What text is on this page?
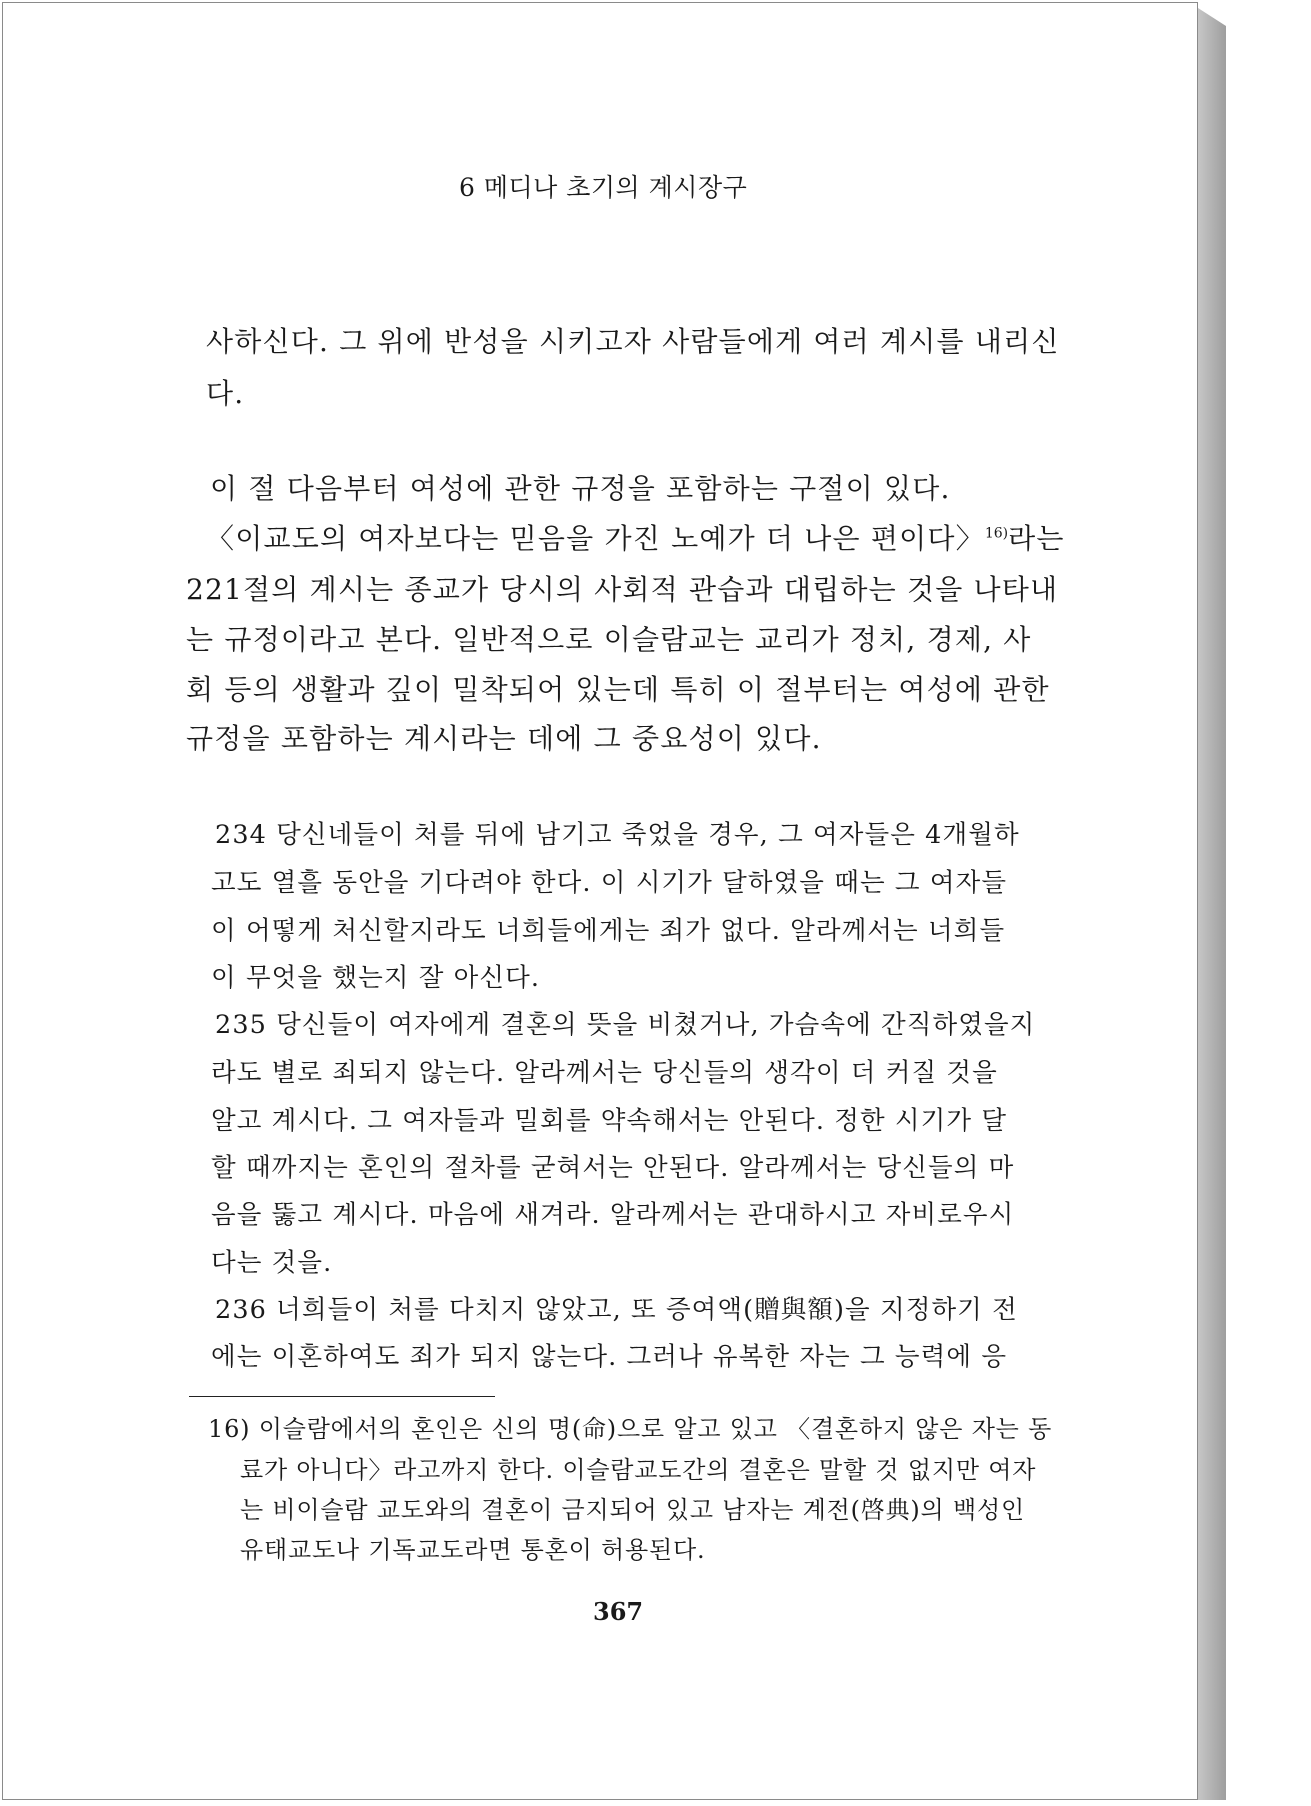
6 메디나 초기의 계시장구
사하신다. 그 위에 반성을 시키고자 사람들에게 여러 계시를 내리신
다.
이 절 다음부터 여성에 관한 규정을 포함하는 구절이 있다.
〈이교도의 여자보다는 믿음을 가진 노예가 더 나은 편이다〉$^{16)}$라는
221절의 계시는 종교가 당시의 사회적 관습과 대립하는 것을 나타내
는 규정이라고 본다. 일반적으로 이슬람교는 교리가 정치, 경제, 사
회 등의 생활과 깊이 밀착되어 있는데 특히 이 절부터는 여성에 관한
규정을 포함하는 계시라는 데에 그 중요성이 있다.
234 당신네들이 처를 뒤에 남기고 죽었을 경우, 그 여자들은 4개월하
고도 열흘 동안을 기다려야 한다. 이 시기가 달하였을 때는 그 여자들
이 어떻게 처신할지라도 너희들에게는 죄가 없다. 알라께서는 너희들
이 무엇을 했는지 잘 아신다.
235 당신들이 여자에게 결혼의 뜻을 비쳤거나, 가슴속에 간직하였을지
라도 별로 죄되지 않는다. 알라께서는 당신들의 생각이 더 커질 것을
알고 계시다. 그 여자들과 밀회를 약속해서는 안된다. 정한 시기가 달
할 때까지는 혼인의 절차를 굳혀서는 안된다. 알라께서는 당신들의 마
음을 뚫고 계시다. 마음에 새겨라. 알라께서는 관대하시고 자비로우시
다는 것을.
236 너희들이 처를 다치지 않았고, 또 증여액(贈與額)을 지정하기 전
에는 이혼하여도 죄가 되지 않는다. 그러나 유복한 자는 그 능력에 응
16) 이슬람에서의 혼인은 신의 명(命)으로 알고 있고 〈결혼하지 않은 자는 동
료가 아니다〉라고까지 한다. 이슬람교도간의 결혼은 말할 것 없지만 여자
는 비이슬람 교도와의 결혼이 금지되어 있고 남자는 계전(啓典)의 백성인
유태교도나 기독교도라면 통혼이 허용된다.
367
